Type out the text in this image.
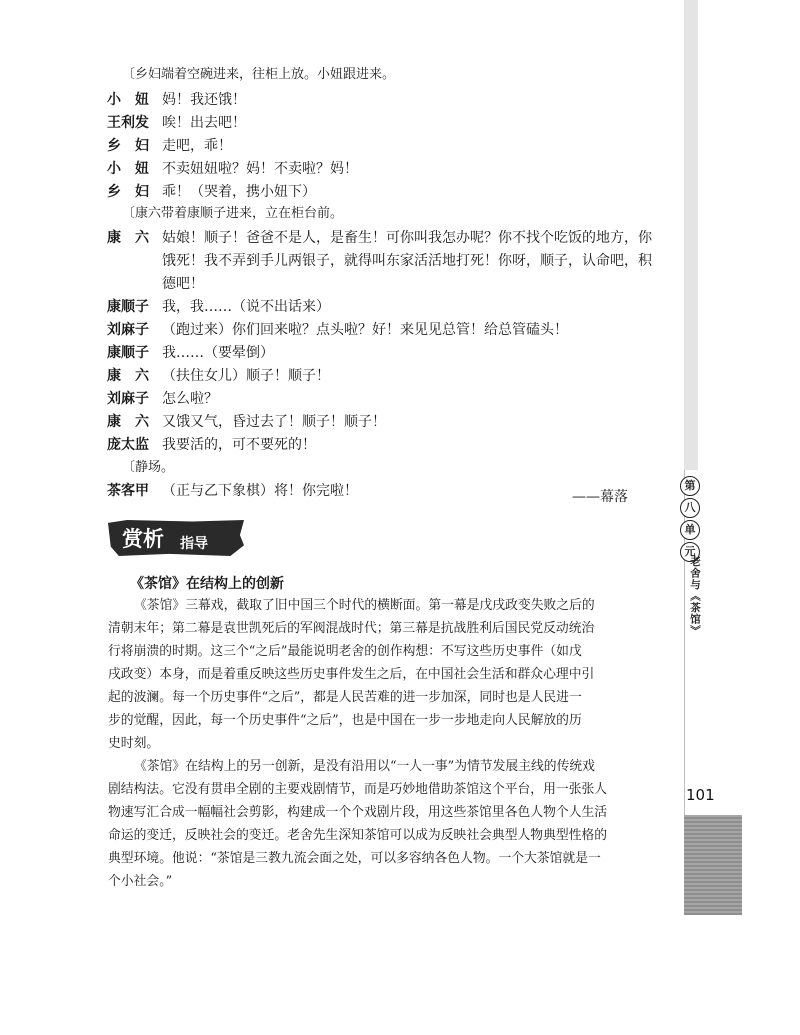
第
八
单
元
老舍与《茶馆》
101
〔乡妇端着空碗进来，往柜上放。小妞跟进来。
小妞 妈！我还饿！
王利发 唉！出去吧！
乡妇 走吧，乖！
小妞 不卖妞妞啦？妈！不卖啦？妈！
乡妇 乖！（哭着，携小妞下）
〔康六带着康顺子进来，立在柜台前。
康六 姑娘！顺子！爸爸不是人，是畜生！可你叫我怎办呢？你不找个吃饭的地方，你
饿死！我不弄到手儿两银子，就得叫东家活活地打死！你呀，顺子，认命吧，积
德吧！
康顺子 我，我……（说不出话来）
刘麻子 （跑过来）你们回来啦？点头啦？好！来见见总管！给总管磕头！
康顺子 我……（要晕倒）
康六 （扶住女儿）顺子！顺子！
刘麻子 怎么啦？
康六 又饿又气，昏过去了！顺子！顺子！
庞太监 我要活的，可不要死的！
〔静场。
茶客甲 （正与乙下象棋）将！你完啦！	——幕落
赏析 指导
《茶馆》在结构上的创新
《茶馆》三幕戏，截取了旧中国三个时代的横断面。第一幕是戊戌政变失败之后的
清朝末年；第二幕是袁世凯死后的军阀混战时代；第三幕是抗战胜利后国民党反动统治
行将崩溃的时期。这三个“之后”最能说明老舍的创作构想：不写这些历史事件（如戊
戌政变）本身，而是着重反映这些历史事件发生之后，在中国社会生活和群众心理中引
起的波澜。每一个历史事件“之后”，都是人民苦难的进一步加深，同时也是人民进一
步的觉醒，因此，每一个历史事件“之后”，也是中国在一步一步地走向人民解放的历
史时刻。
《茶馆》在结构上的另一创新，是没有沿用以“一人一事”为情节发展主线的传统戏
剧结构法。它没有贯串全剧的主要戏剧情节，而是巧妙地借助茶馆这个平台，用一张张人
物速写汇合成一幅幅社会剪影，构建成一个个戏剧片段，用这些茶馆里各色人物个人生活
命运的变迁，反映社会的变迁。老舍先生深知茶馆可以成为反映社会典型人物典型性格的
典型环境。他说：“茶馆是三教九流会面之处，可以多容纳各色人物。一个大茶馆就是一
个小社会。”
